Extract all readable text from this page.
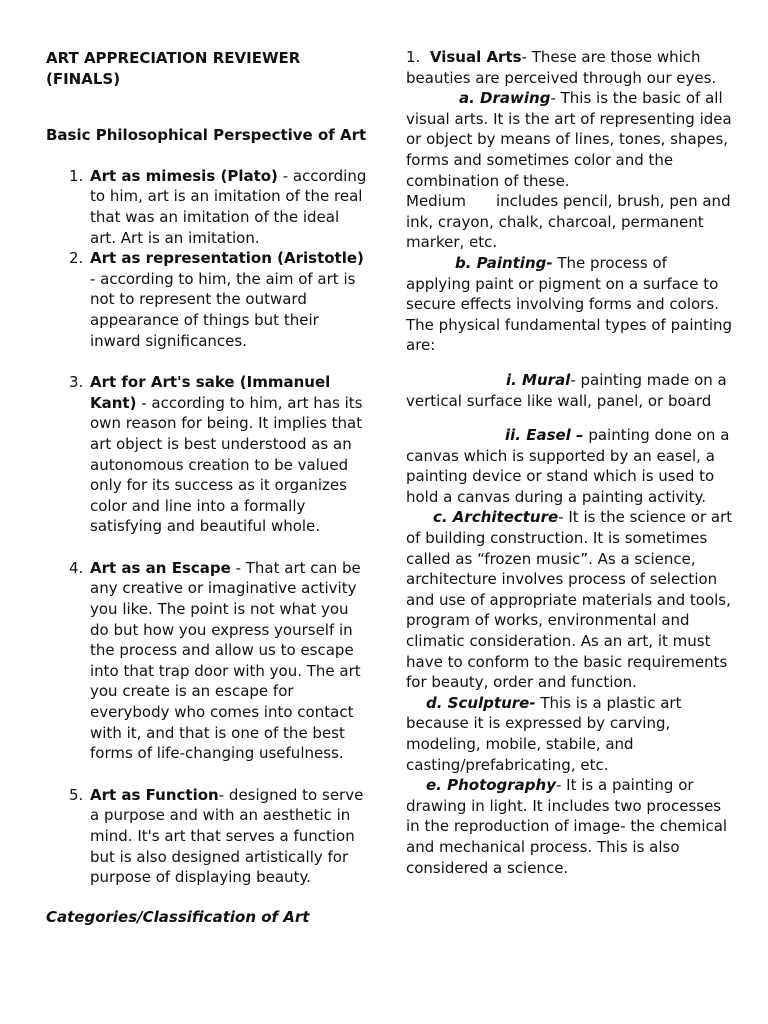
ART APPRECIATION REVIEWER (FINALS)
Basic Philosophical Perspective of Art
1. Art as mimesis (Plato) - according to him, art is an imitation of the real that was an imitation of the ideal art. Art is an imitation.
2. Art as representation (Aristotle) - according to him, the aim of art is not to represent the outward appearance of things but their inward significances.
3. Art for Art's sake (Immanuel Kant) - according to him, art has its own reason for being. It implies that art object is best understood as an autonomous creation to be valued only for its success as it organizes color and line into a formally satisfying and beautiful whole.
4. Art as an Escape - That art can be any creative or imaginative activity you like. The point is not what you do but how you express yourself in the process and allow us to escape into that trap door with you. The art you create is an escape for everybody who comes into contact with it, and that is one of the best forms of life-changing usefulness.
5. Art as Function- designed to serve a purpose and with an aesthetic in mind. It's art that serves a function but is also designed artistically for purpose of displaying beauty.
Categories/Classification of Art

1. Visual Arts- These are those which beauties are perceived through our eyes.

a. Drawing- This is the basic of all visual arts. It is the art of representing idea or object by means of lines, tones, shapes, forms and sometimes color and the combination of these.

Medium includes pencil, brush, pen and ink, crayon, chalk, charcoal, permanent marker, etc.

b. Painting- The process of applying paint or pigment on a surface to secure effects involving forms and colors. The physical fundamental types of painting are:

i. Mural- painting made on a vertical surface like wall, panel, or board

ii. Easel – painting done on a canvas which is supported by an easel, a painting device or stand which is used to hold a canvas during a painting activity.

c. Architecture- It is the science or art of building construction. It is sometimes called as “frozen music”. As a science, architecture involves process of selection and use of appropriate materials and tools, program of works, environmental and climatic consideration. As an art, it must have to conform to the basic requirements for beauty, order and function.

d. Sculpture- This is a plastic art because it is expressed by carving, modeling, mobile, stabile, and casting/prefabricating, etc.

e. Photography- It is a painting or drawing in light. It includes two processes in the reproduction of image- the chemical and mechanical process. This is also considered a science.
